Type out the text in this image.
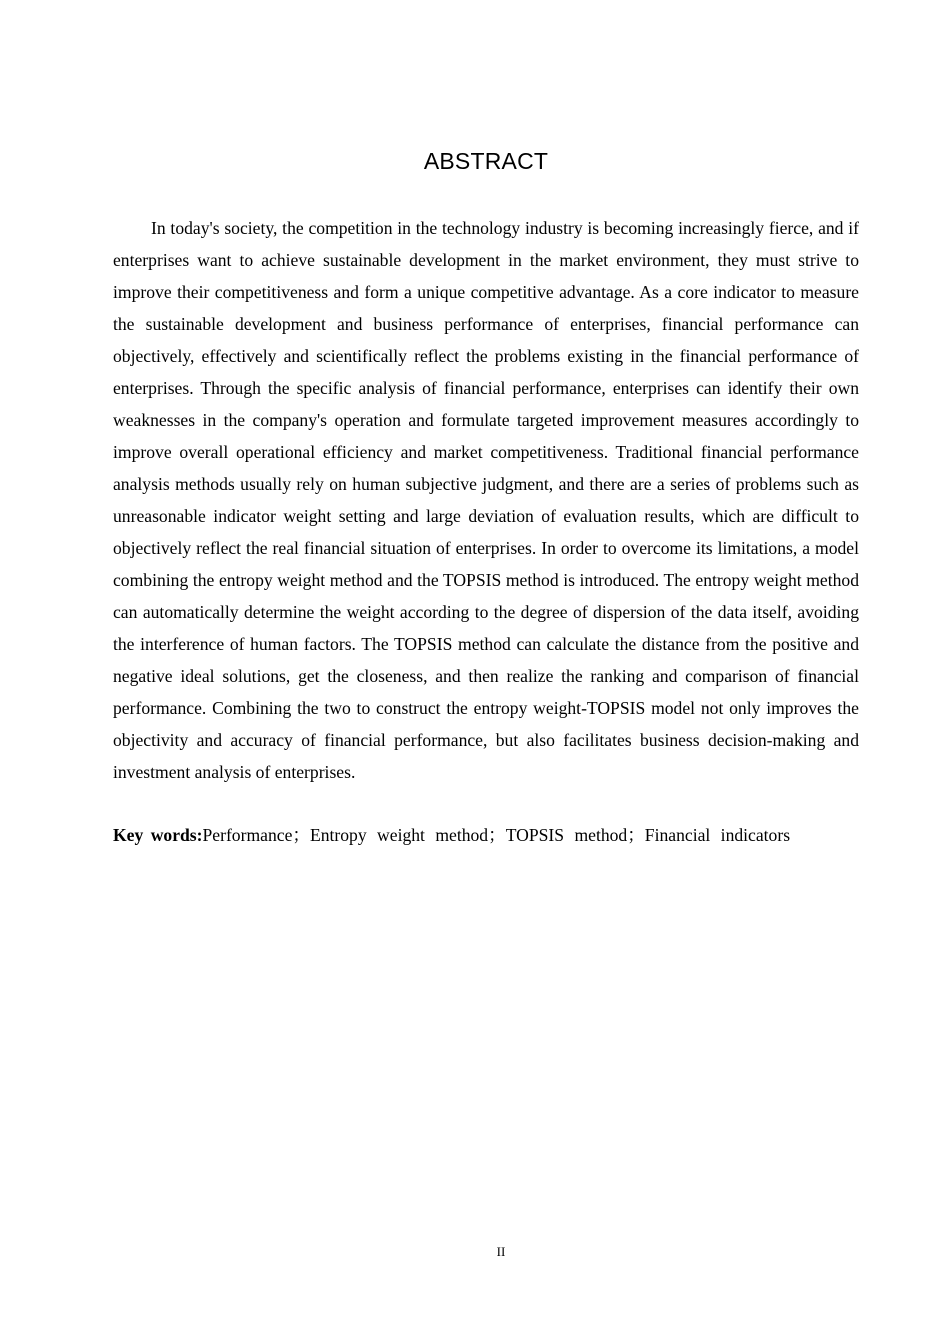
ABSTRACT

In today's society, the competition in the technology industry is becoming increasingly fierce, and if enterprises want to achieve sustainable development in the market environment, they must strive to improve their competitiveness and form a unique competitive advantage. As a core indicator to measure the sustainable development and business performance of enterprises, financial performance can objectively, effectively and scientifically reflect the problems existing in the financial performance of enterprises. Through the specific analysis of financial performance, enterprises can identify their own weaknesses in the company's operation and formulate targeted improvement measures accordingly to improve overall operational efficiency and market competitiveness. Traditional financial performance analysis methods usually rely on human subjective judgment, and there are a series of problems such as unreasonable indicator weight setting and large deviation of evaluation results, which are difficult to objectively reflect the real financial situation of enterprises. In order to overcome its limitations, a model combining the entropy weight method and the TOPSIS method is introduced. The entropy weight method can automatically determine the weight according to the degree of dispersion of the data itself, avoiding the interference of human factors. The TOPSIS method can calculate the distance from the positive and negative ideal solutions, get the closeness, and then realize the ranking and comparison of financial performance. Combining the two to construct the entropy weight-TOPSIS model not only improves the objectivity and accuracy of financial performance, but also facilitates business decision-making and investment analysis of enterprises.

Key words:Performance；Entropy weight method；TOPSIS method；Financial indicators

II
